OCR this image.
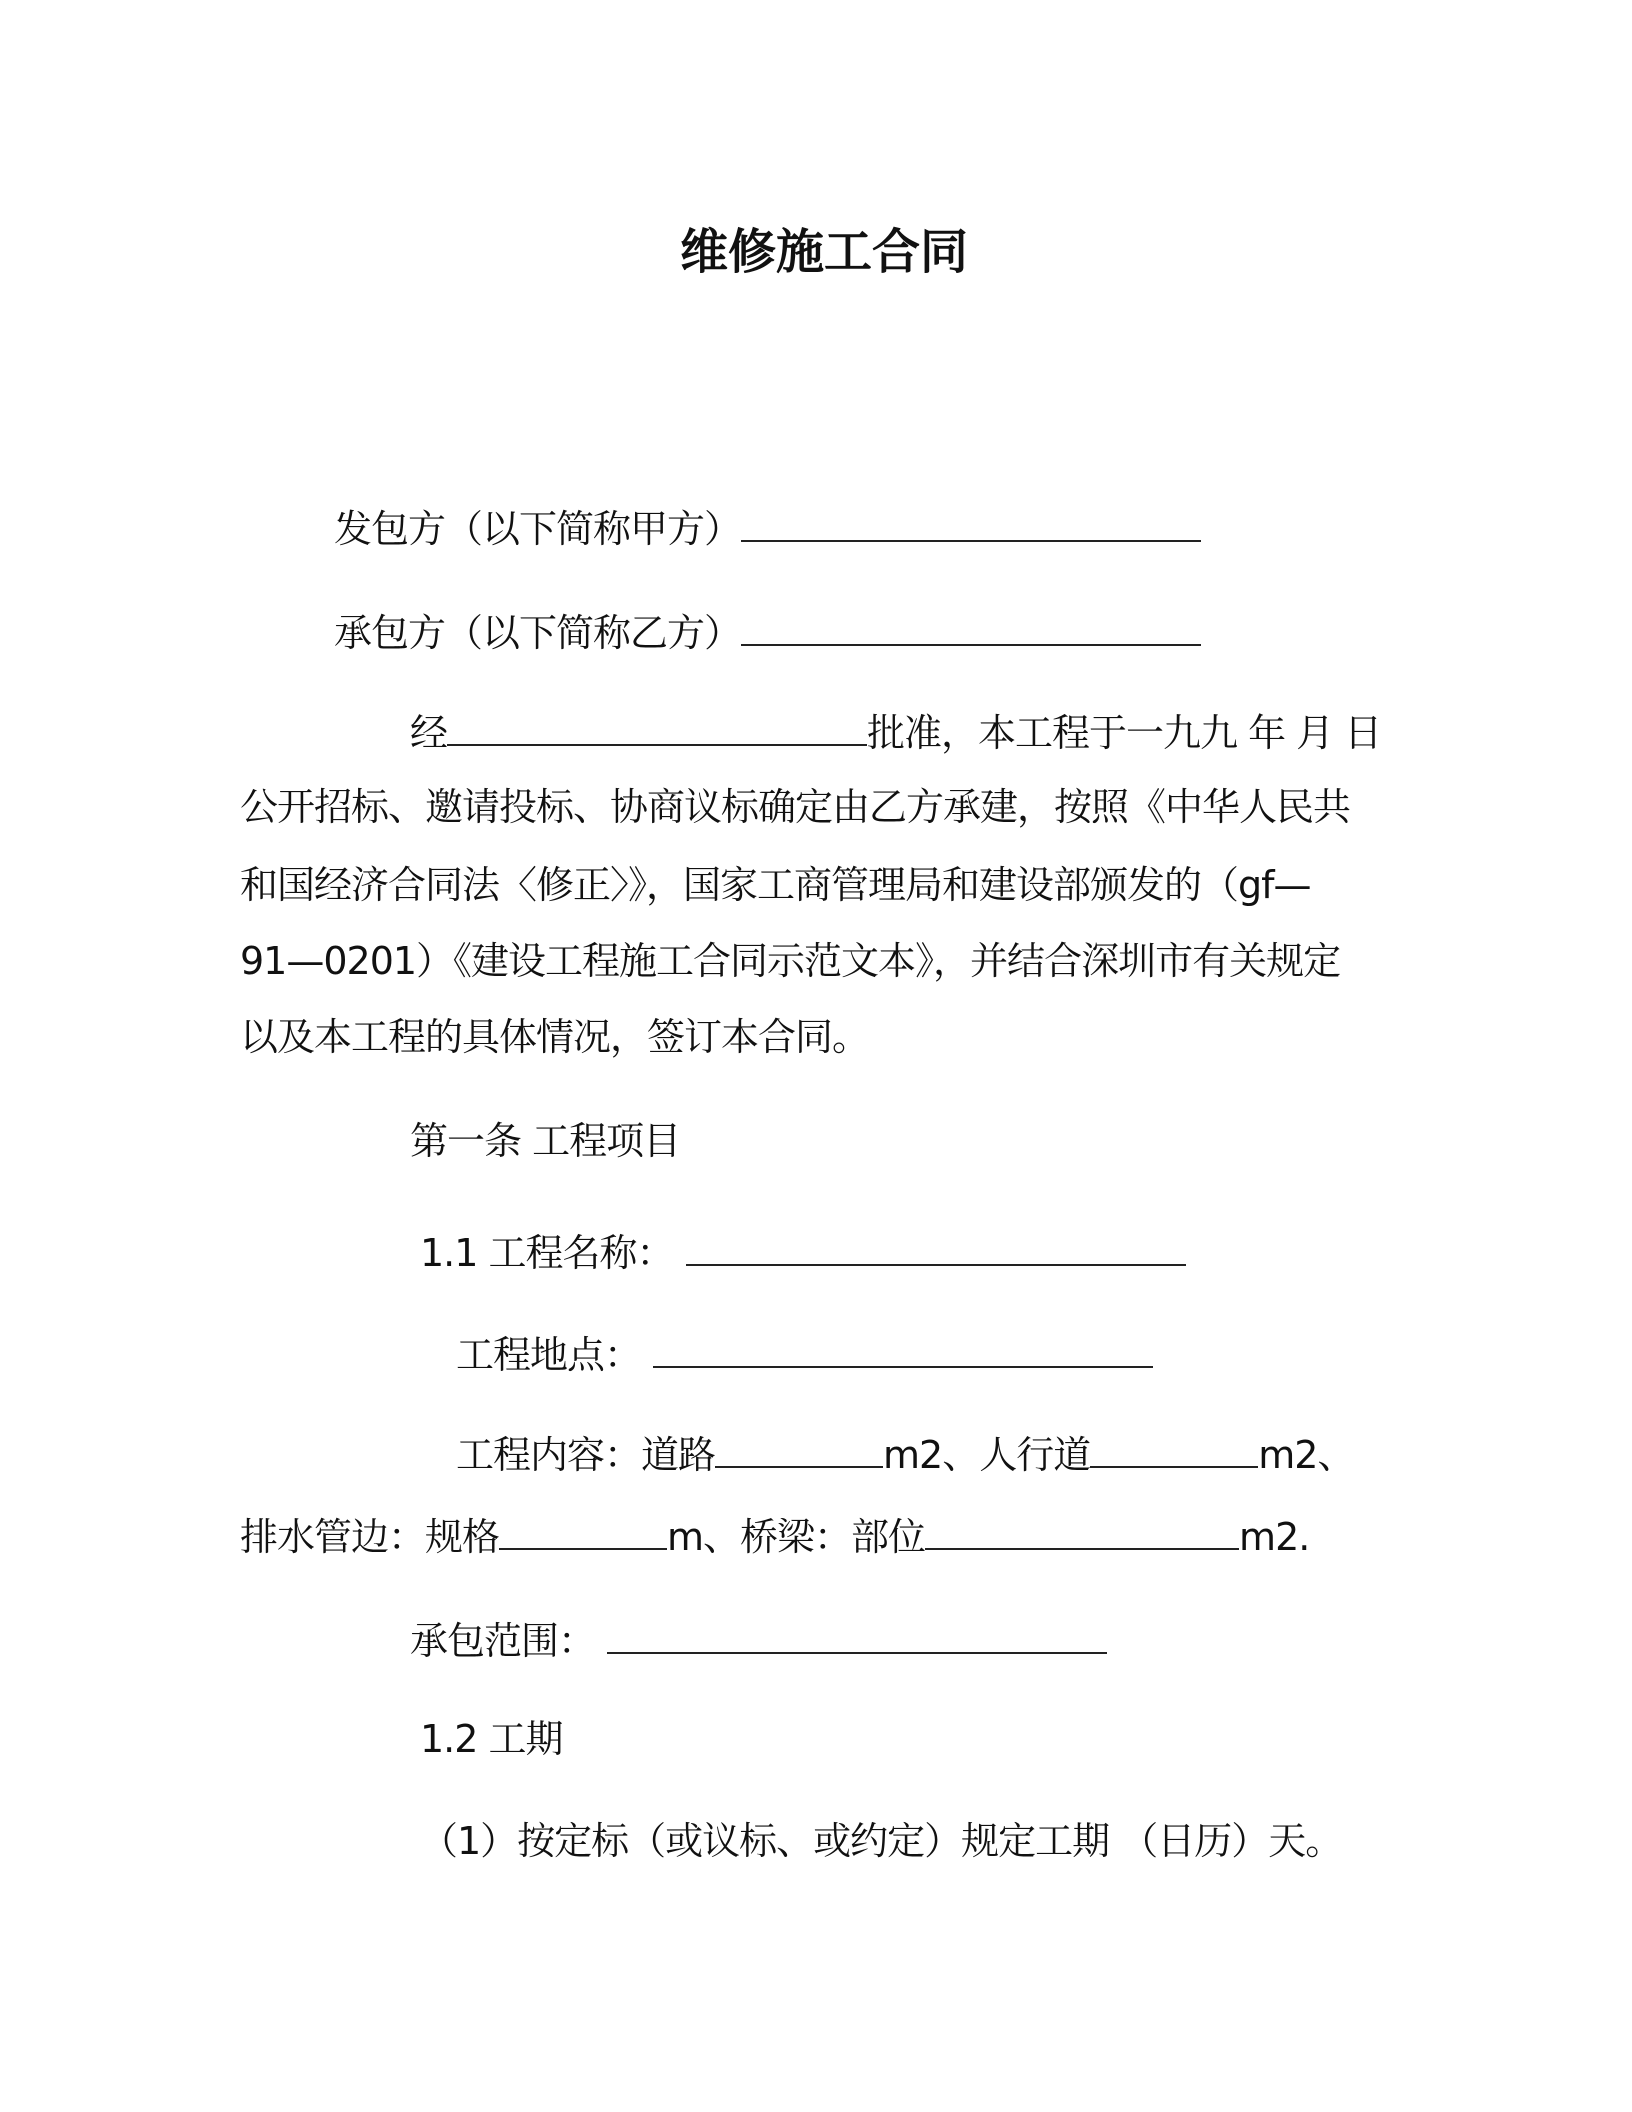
维修施工合同

发包方（以下简称甲方）

承包方（以下简称乙方）

经	批准，本工程于一九九 年 月 日

公开招标、邀请投标、协商议标确定由乙方承建，按照《中华人民共

和国经济合同法〈修正〉》，国家工商管理局和建设部颁发的（gf—

91—0201）《建设工程施工合同示范文本》，并结合深圳市有关规定

以及本工程的具体情况，签订本合同。

第一条 工程项目

1.1 工程名称：

工程地点：

工程内容：道路	m2、人行道	m2、

排水管边：规格	m、桥梁：部位	m2.

承包范围：

1.2 工期

（1）按定标（或议标、或约定）规定工期 （日历）天。
